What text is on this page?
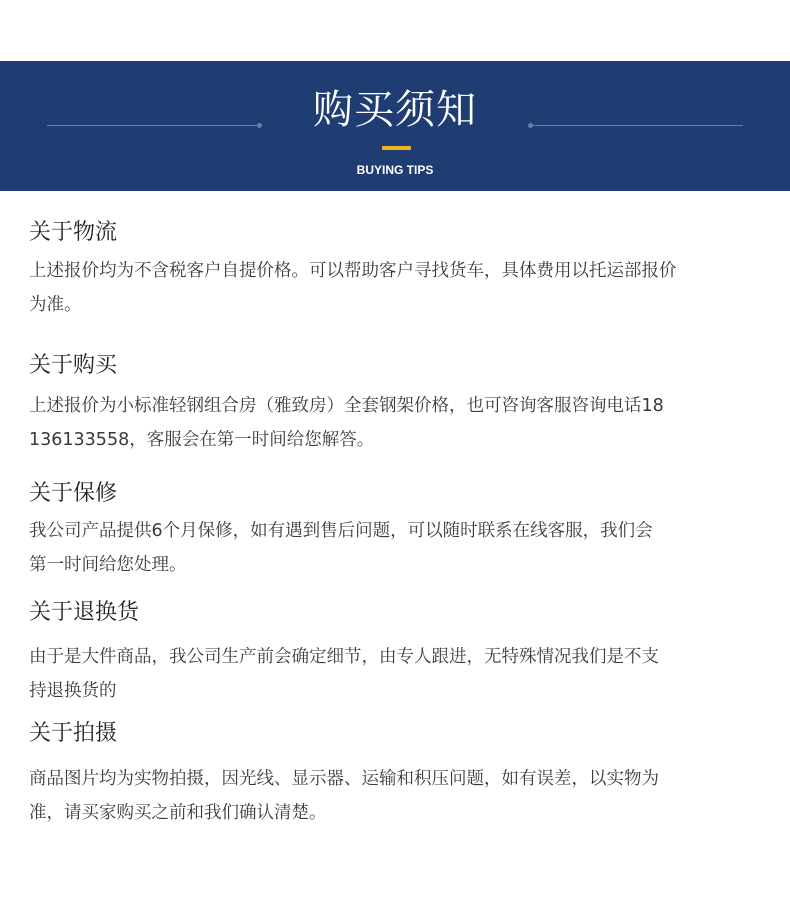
购买须知
BUYING TIPS
关于物流
上述报价均为不含税客户自提价格。可以帮助客户寻找货车，具体费用以托运部报价
为准。
关于购买
上述报价为小标准轻钢组合房（雅致房）全套钢架价格，也可咨询客服咨询电话18
136133558，客服会在第一时间给您解答。
关于保修
我公司产品提供6个月保修，如有遇到售后问题，可以随时联系在线客服，我们会
第一时间给您处理。
关于退换货
由于是大件商品，我公司生产前会确定细节，由专人跟进，无特殊情况我们是不支
持退换货的
关于拍摄
商品图片均为实物拍摄，因光线、显示器、运输和积压问题，如有误差，以实物为
准，请买家购买之前和我们确认清楚。
